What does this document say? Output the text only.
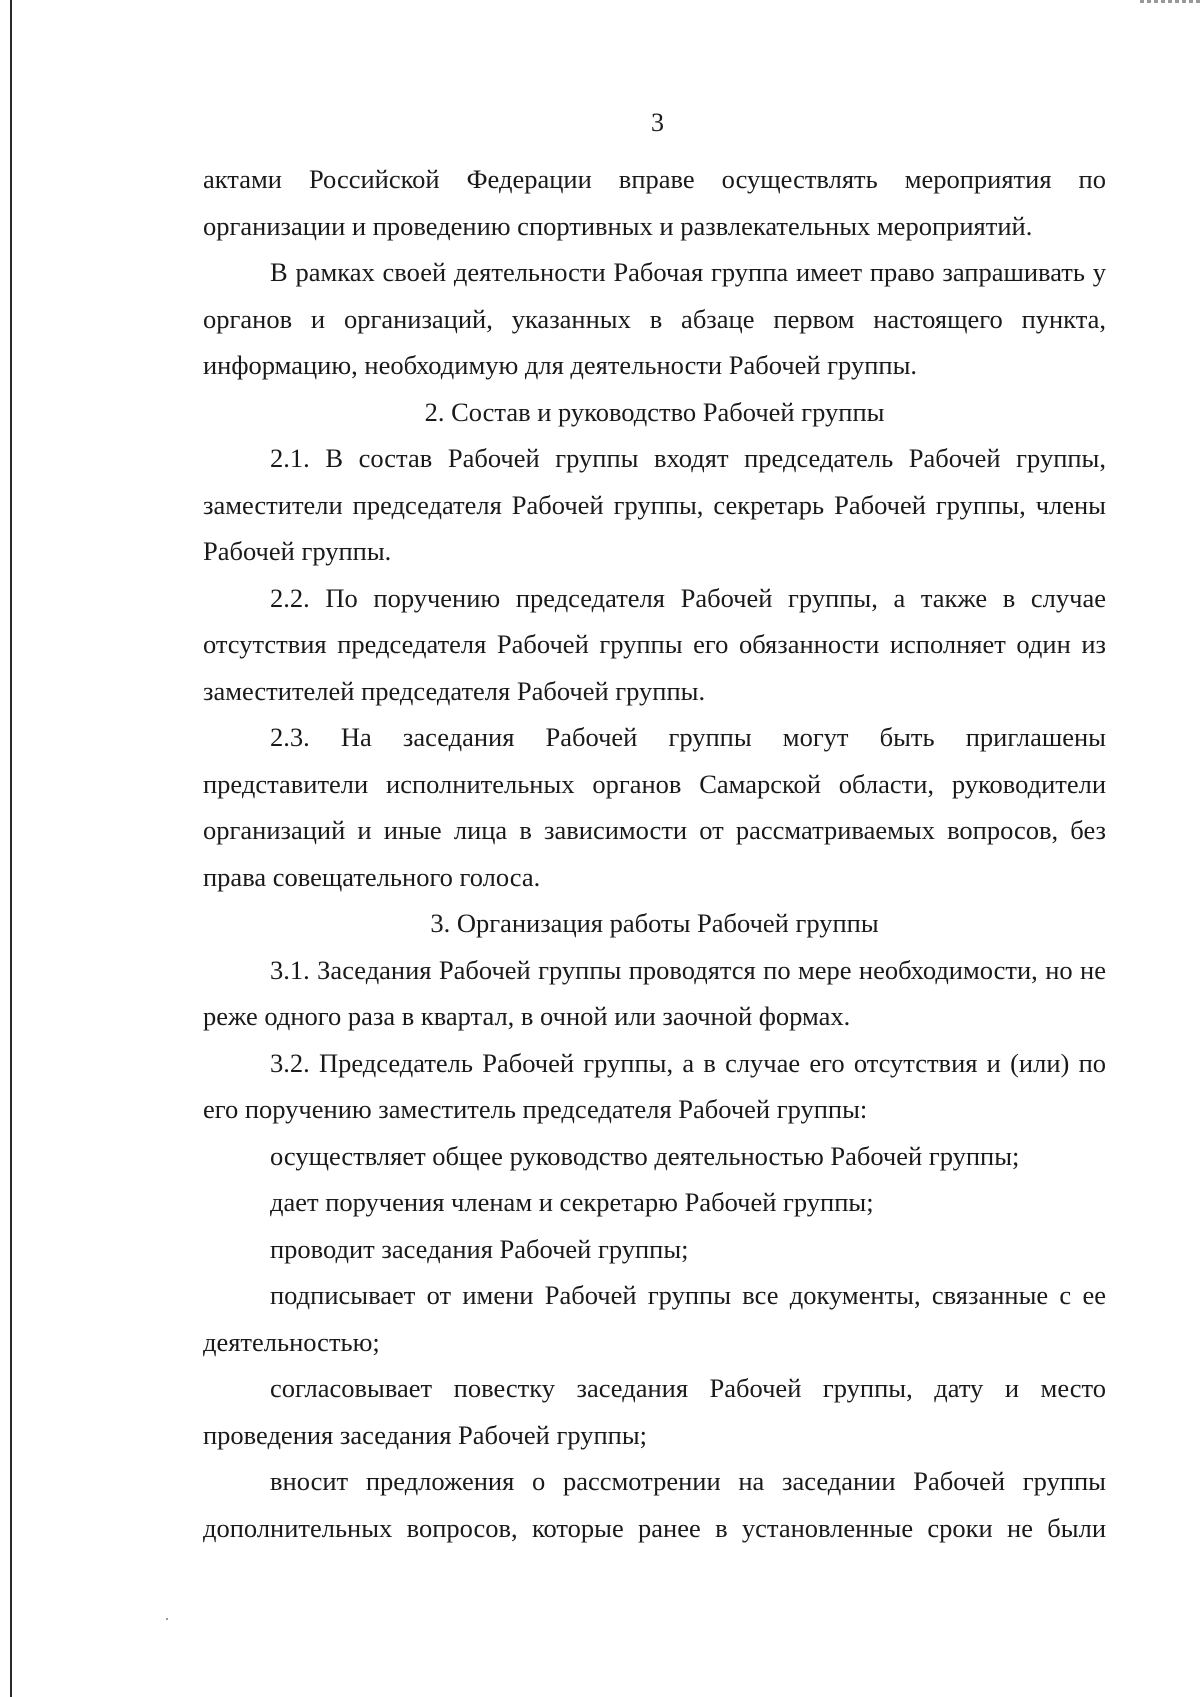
3

актами Российской Федерации вправе осуществлять мероприятия по организации и проведению спортивных и развлекательных мероприятий.

В рамках своей деятельности Рабочая группа имеет право запрашивать у органов и организаций, указанных в абзаце первом настоящего пункта, информацию, необходимую для деятельности Рабочей группы.

2. Состав и руководство Рабочей группы

2.1. В состав Рабочей группы входят председатель Рабочей группы, заместители председателя Рабочей группы, секретарь Рабочей группы, члены Рабочей группы.

2.2. По поручению председателя Рабочей группы, а также в случае отсутствия председателя Рабочей группы его обязанности исполняет один из заместителей председателя Рабочей группы.

2.3. На заседания Рабочей группы могут быть приглашены представители исполнительных органов Самарской области, руководители организаций и иные лица в зависимости от рассматриваемых вопросов, без права совещательного голоса.

3. Организация работы Рабочей группы

3.1. Заседания Рабочей группы проводятся по мере необходимости, но не реже одного раза в квартал, в очной или заочной формах.

3.2. Председатель Рабочей группы, а в случае его отсутствия и (или) по его поручению заместитель председателя Рабочей группы:

осуществляет общее руководство деятельностью Рабочей группы;

дает поручения членам и секретарю Рабочей группы;

проводит заседания Рабочей группы;

подписывает от имени Рабочей группы все документы, связанные с ее деятельностью;

согласовывает повестку заседания Рабочей группы, дату и место проведения заседания Рабочей группы;

вносит предложения о рассмотрении на заседании Рабочей группы дополнительных вопросов, которые ранее в установленные сроки не были
